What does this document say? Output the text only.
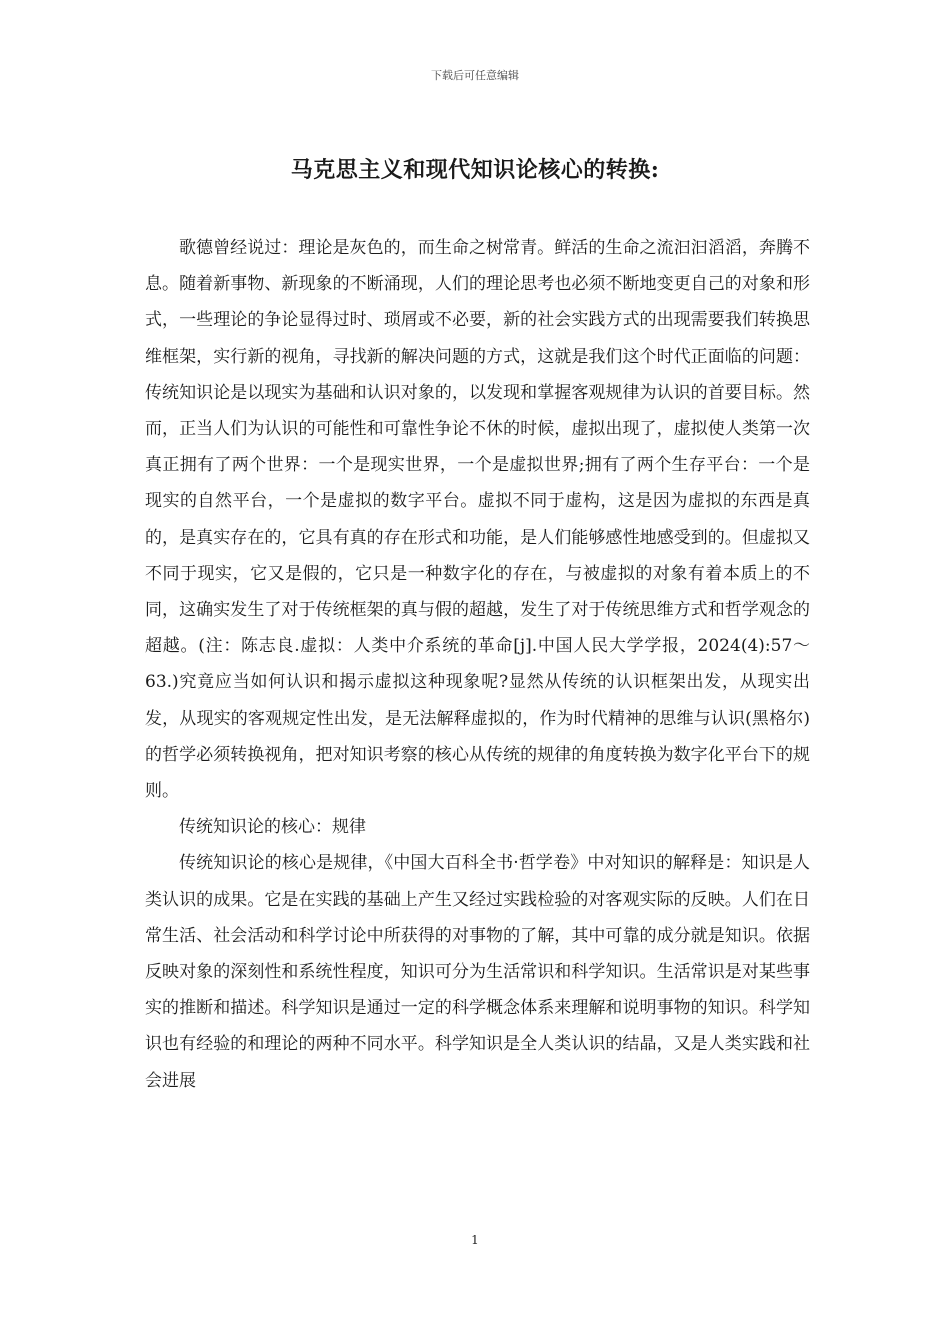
下载后可任意编辑
马克思主义和现代知识论核心的转换:

歌德曾经说过：理论是灰色的，而生命之树常青。鲜活的生命之流汩汩滔滔，奔腾不息。随着新事物、新现象的不断涌现，人们的理论思考也必须不断地变更自己的对象和形式，一些理论的争论显得过时、琐屑或不必要，新的社会实践方式的出现需要我们转换思维框架，实行新的视角，寻找新的解决问题的方式，这就是我们这个时代正面临的问题：传统知识论是以现实为基础和认识对象的，以发现和掌握客观规律为认识的首要目标。然而，正当人们为认识的可能性和可靠性争论不休的时候，虚拟出现了，虚拟使人类第一次真正拥有了两个世界：一个是现实世界，一个是虚拟世界;拥有了两个生存平台：一个是现实的自然平台，一个是虚拟的数字平台。虚拟不同于虚构，这是因为虚拟的东西是真的，是真实存在的，它具有真的存在形式和功能，是人们能够感性地感受到的。但虚拟又不同于现实，它又是假的，它只是一种数字化的存在，与被虚拟的对象有着本质上的不同，这确实发生了对于传统框架的真与假的超越，发生了对于传统思维方式和哲学观念的超越。(注：陈志良.虚拟：人类中介系统的革命[j].中国人民大学学报，2024(4):57～63.)究竟应当如何认识和揭示虚拟这种现象呢?显然从传统的认识框架出发，从现实出发，从现实的客观规定性出发，是无法解释虚拟的，作为时代精神的思维与认识(黑格尔)的哲学必须转换视角，把对知识考察的核心从传统的规律的角度转换为数字化平台下的规则。

传统知识论的核心：规律

传统知识论的核心是规律，《中国大百科全书·哲学卷》中对知识的解释是：知识是人类认识的成果。它是在实践的基础上产生又经过实践检验的对客观实际的反映。人们在日常生活、社会活动和科学讨论中所获得的对事物的了解，其中可靠的成分就是知识。依据反映对象的深刻性和系统性程度，知识可分为生活常识和科学知识。生活常识是对某些事实的推断和描述。科学知识是通过一定的科学概念体系来理解和说明事物的知识。科学知识也有经验的和理论的两种不同水平。科学知识是全人类认识的结晶，又是人类实践和社会进展

1
